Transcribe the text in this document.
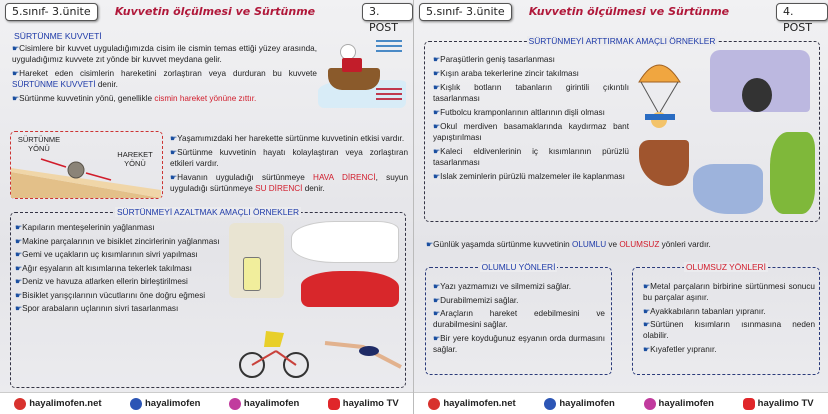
5.sınıf- 3.ünite	Kuvvetin ölçülmesi ve Sürtünme	3. POST
SÜRTÜNME KUVVETİ

☛Cisimlere bir kuvvet uyguladığımızda cisim ile cismin temas ettiği yüzey arasında, uyguladığımız kuvvete zıt yönde bir kuvvet meydana gelir.

☛Hareket eden cisimlerin hareketini zorlaştıran veya durduran bu kuvvete SÜRTÜNME KUVVETİ denir.

☛Sürtünme kuvvetinin yönü, genellikle cismin hareket yönüne zıttır.

SÜRTÜNME YÖNÜ
HAREKET YÖNÜ

☛Yaşamımızdaki her harekette sürtünme kuvvetinin etkisi vardır.

☛Sürtünme kuvvetinin hayatı kolaylaştıran veya zorlaştıran etkileri vardır.

☛Havanın uyguladığı sürtünmeye HAVA DİRENCİ, suyun uyguladığı sürtünmeye SU DİRENCİ denir.

SÜRTÜNMEYİ AZALTMAK AMAÇLI ÖRNEKLER

☛Kapıların menteşelerinin yağlanması

☛Makine parçalarının ve bisiklet zincirlerinin yağlanması

☛Gemi ve uçakların uç kısımlarının sivri yapılması

☛Ağır eşyaların alt kısımlarına tekerlek takılması

☛Deniz ve havuza atlarken ellerin birleştirilmesi

☛Bisiklet yarışçılarının vücutlarını öne doğru eğmesi

☛Spor arabaların uçlarının sivri tasarlanması

hayalimofen.net	hayalimofen	hayalimofen	hayalimo TV
5.sınıf- 3.ünite	Kuvvetin ölçülmesi ve Sürtünme	4. POST
SÜRTÜNMEYİ ARTTIRMAK AMAÇLI ÖRNEKLER

☛Paraşütlerin geniş tasarlanması

☛Kışın araba tekerlerine zincir takılması

☛Kışlık botların tabanların girintili çıkıntılı tasarlanması

☛Futbolcu kramponlarının altlarının dişli olması

☛Okul merdiven basamaklarında kaydırmaz bant yapıştırılması

☛Kaleci eldivenlerinin iç kısımlarının pürüzlü tasarlanması

☛Islak zeminlerin pürüzlü malzemeler ile kaplanması

☛Günlük yaşamda sürtünme kuvvetinin OLUMLU ve OLUMSUZ yönleri vardır.
OLUMLU YÖNLERİ

☛Yazı yazmamızı ve silmemizi sağlar.

☛Durabilmemizi sağlar.

☛Araçların hareket edebilmesini ve durabilmesini sağlar.

☛Bir yere koyduğunuz eşyanın orda durmasını sağlar.

OLUMSUZ YÖNLERİ

☛Metal parçaların birbirine sürtünmesi sonucu bu parçalar aşınır.

☛Ayakkabıların tabanları yıpranır.

☛Sürtünen kısımların ısınmasına neden olabilir.

☛Kıyafetler yıpranır.

hayalimofen.net	hayalimofen	hayalimofen	hayalimo TV
